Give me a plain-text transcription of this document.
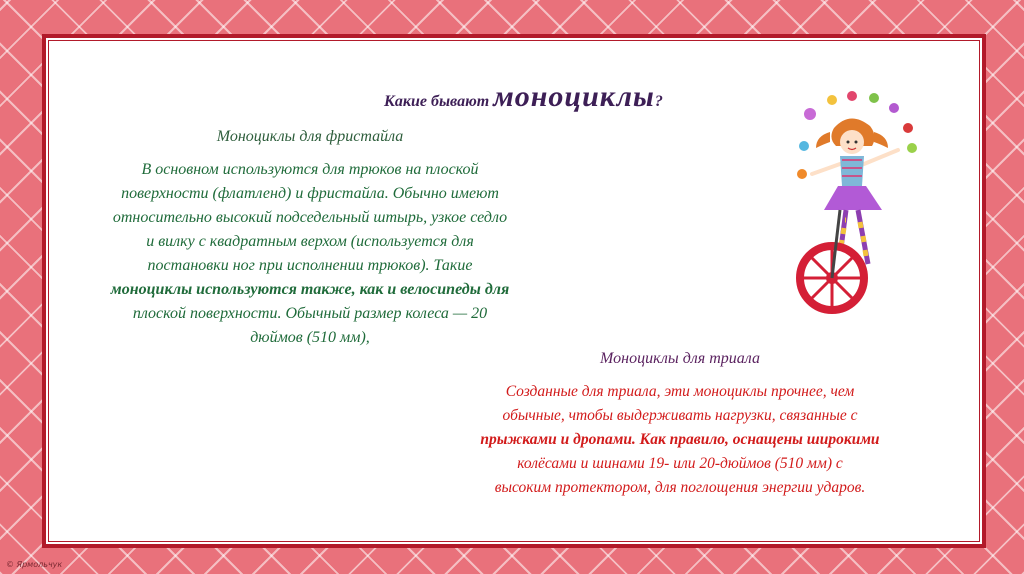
Какие бывают моноциклы?
Моноциклы для фристайла
В основном используются для трюков на плоской
поверхности (флатленд) и фристайла. Обычно имеют
относительно высокий подседельный штырь, узкое седло
и вилку с квадратным верхом (используется для
постановки ног при исполнении трюков). Такие
моноциклы используются также, как и велосипеды для
плоской поверхности. Обычный размер колеса — 20
дюймов (510 мм),
Моноциклы для триала
Созданные для триала, эти моноциклы прочнее, чем
обычные, чтобы выдерживать нагрузки, связанные с
прыжками и дропами. Как правило, оснащены широкими
колёсами и шинами 19- или 20-дюймов (510 мм) с
высоким протектором, для поглощения энергии ударов.
© Ярмольчук
